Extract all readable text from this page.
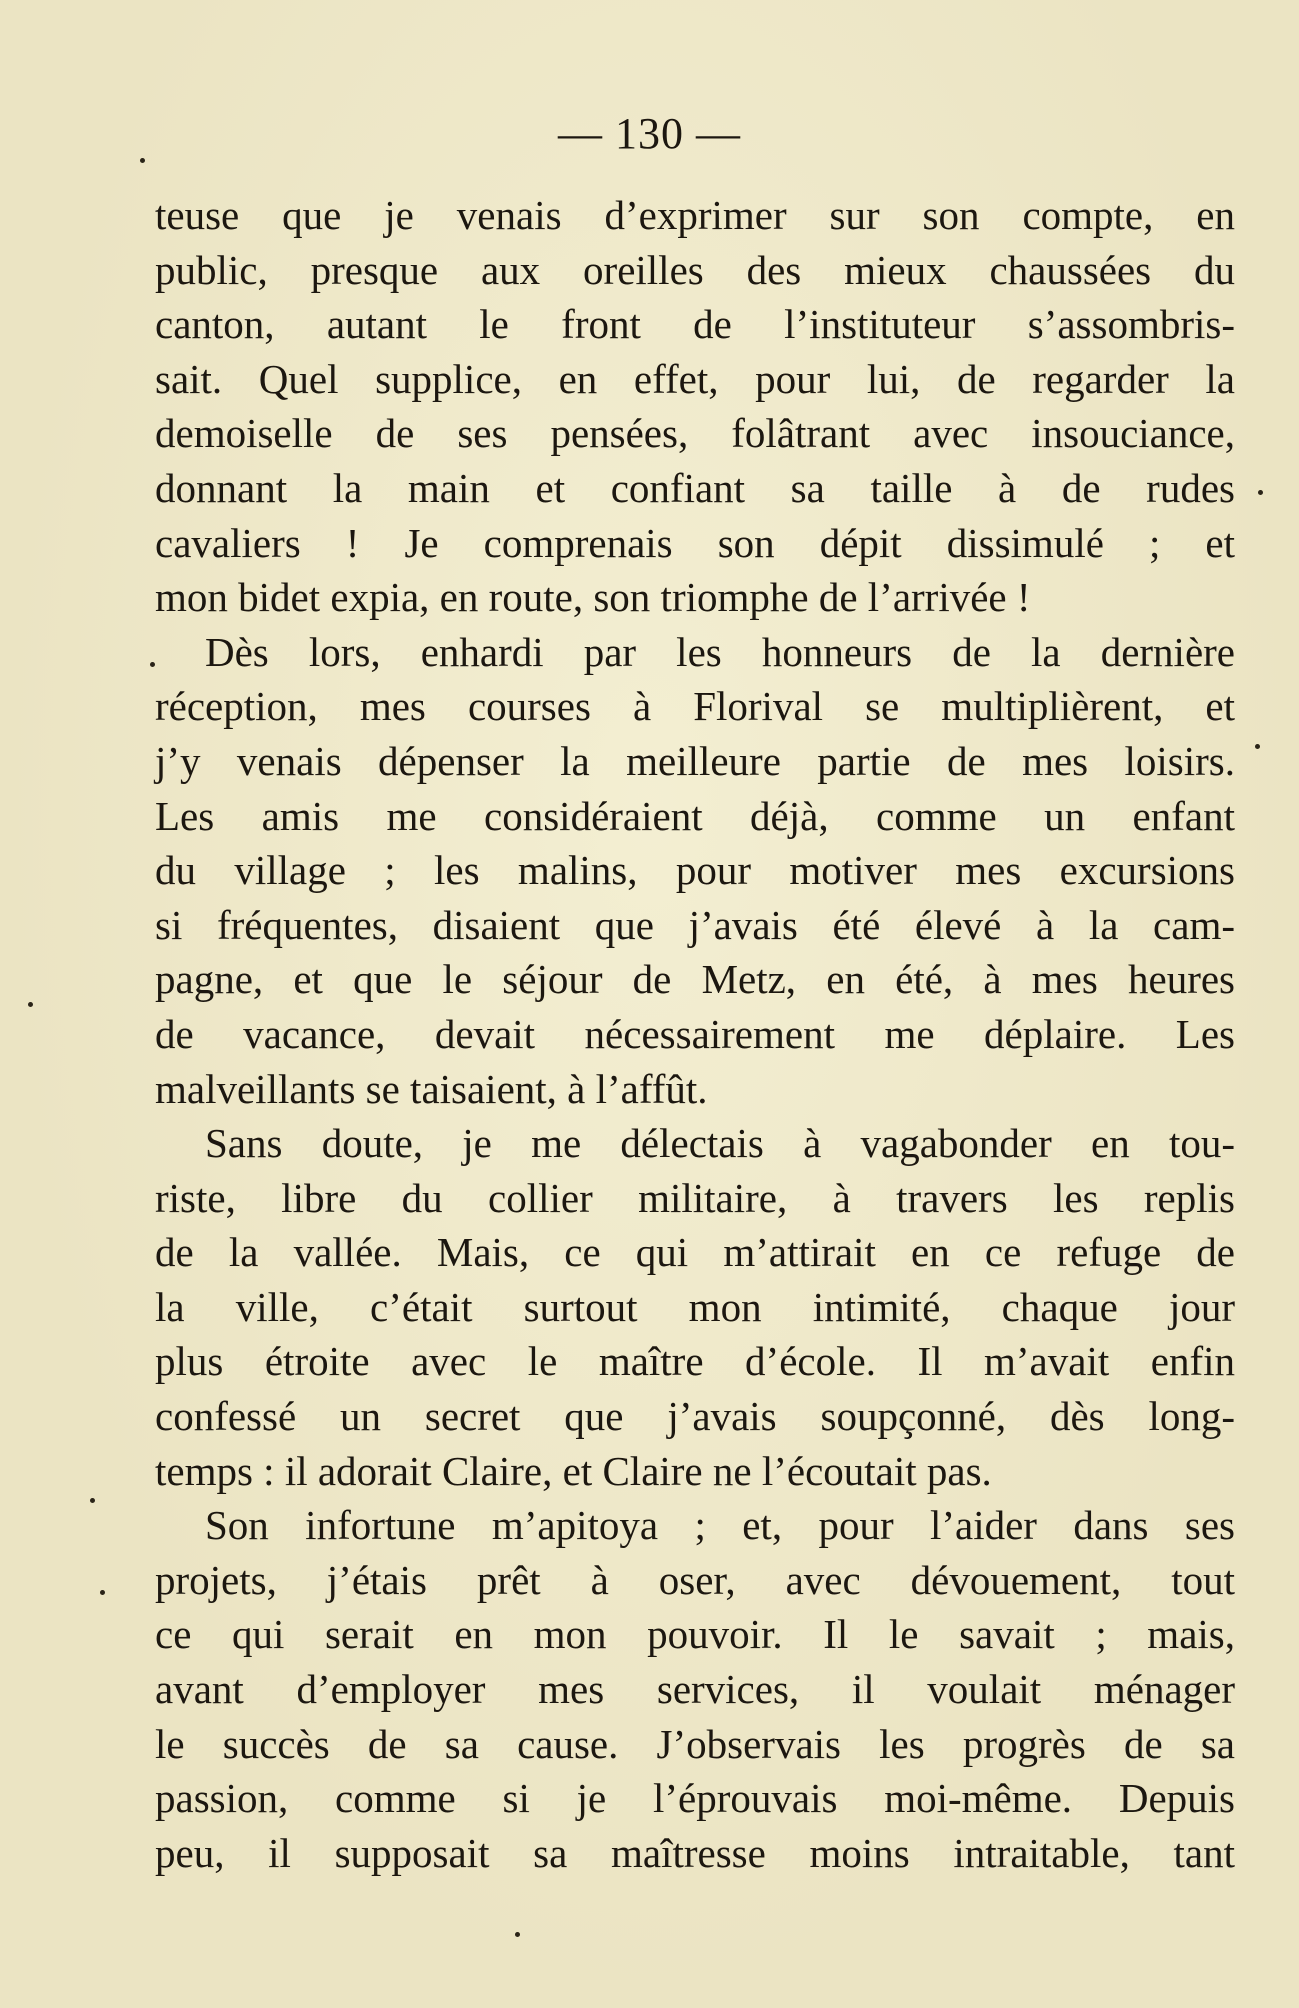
— 130 —
teuse que je venais d’exprimer sur son compte, en
public, presque aux oreilles des mieux chaussées du
canton, autant le front de l’instituteur s’assombris-
sait. Quel supplice, en effet, pour lui, de regarder la
demoiselle de ses pensées, folâtrant avec insouciance,
donnant la main et confiant sa taille à de rudes
cavaliers ! Je comprenais son dépit dissimulé ; et
mon bidet expia, en route, son triomphe de l’arrivée !
Dès lors, enhardi par les honneurs de la dernière
réception, mes courses à Florival se multiplièrent, et
j’y venais dépenser la meilleure partie de mes loisirs.
Les amis me considéraient déjà, comme un enfant
du village ; les malins, pour motiver mes excursions
si fréquentes, disaient que j’avais été élevé à la cam-
pagne, et que le séjour de Metz, en été, à mes heures
de vacance, devait nécessairement me déplaire. Les
malveillants se taisaient, à l’affût.
Sans doute, je me délectais à vagabonder en tou-
riste, libre du collier militaire, à travers les replis
de la vallée. Mais, ce qui m’attirait en ce refuge de
la ville, c’était surtout mon intimité, chaque jour
plus étroite avec le maître d’école. Il m’avait enfin
confessé un secret que j’avais soupçonné, dès long-
temps : il adorait Claire, et Claire ne l’écoutait pas.
Son infortune m’apitoya ; et, pour l’aider dans ses
projets, j’étais prêt à oser, avec dévouement, tout
ce qui serait en mon pouvoir. Il le savait ; mais,
avant d’employer mes services, il voulait ménager
le succès de sa cause. J’observais les progrès de sa
passion, comme si je l’éprouvais moi-même. Depuis
peu, il supposait sa maîtresse moins intraitable, tant
